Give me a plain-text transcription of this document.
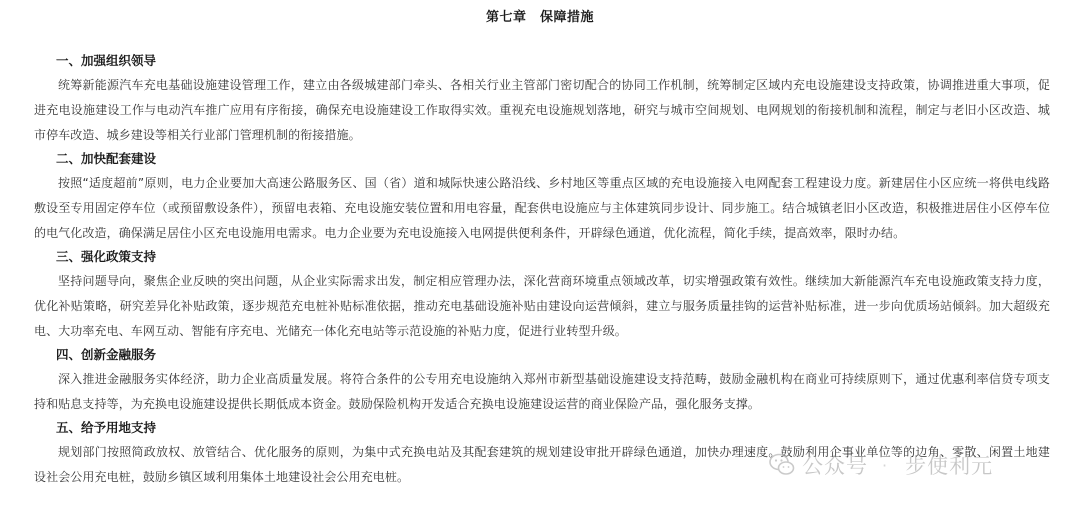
第七章　保障措施

一、加强组织领导

统筹新能源汽车充电基础设施建设管理工作，建立由各级城建部门牵头、各相关行业主管部门密切配合的协同工作机制，统筹制定区域内充电设施建设支持政策，协调推进重大事项，促进充电设施建设工作与电动汽车推广应用有序衔接，确保充电设施建设工作取得实效。重视充电设施规划落地，研究与城市空间规划、电网规划的衔接机制和流程，制定与老旧小区改造、城市停车改造、城乡建设等相关行业部门管理机制的衔接措施。

二、加快配套建设

按照“适度超前”原则，电力企业要加大高速公路服务区、国（省）道和城际快速公路沿线、乡村地区等重点区域的充电设施接入电网配套工程建设力度。新建居住小区应统一将供电线路敷设至专用固定停车位（或预留敷设条件），预留电表箱、充电设施安装位置和用电容量，配套供电设施应与主体建筑同步设计、同步施工。结合城镇老旧小区改造，积极推进居住小区停车位的电气化改造，确保满足居住小区充电设施用电需求。电力企业要为充电设施接入电网提供便利条件，开辟绿色通道，优化流程，简化手续，提高效率，限时办结。

三、强化政策支持

坚持问题导向，聚焦企业反映的突出问题，从企业实际需求出发，制定相应管理办法，深化营商环境重点领域改革，切实增强政策有效性。继续加大新能源汽车充电设施政策支持力度，优化补贴策略，研究差异化补贴政策，逐步规范充电桩补贴标准依据，推动充电基础设施补贴由建设向运营倾斜，建立与服务质量挂钩的运营补贴标准，进一步向优质场站倾斜。加大超级充电、大功率充电、车网互动、智能有序充电、光储充一体化充电站等示范设施的补贴力度，促进行业转型升级。

四、创新金融服务

深入推进金融服务实体经济，助力企业高质量发展。将符合条件的公专用充电设施纳入郑州市新型基础设施建设支持范畴，鼓励金融机构在商业可持续原则下，通过优惠利率信贷专项支持和贴息支持等，为充换电设施建设提供长期低成本资金。鼓励保险机构开发适合充换电设施建设运营的商业保险产品，强化服务支撑。

五、给予用地支持

规划部门按照简政放权、放管结合、优化服务的原则，为集中式充换电站及其配套建筑的规划建设审批开辟绿色通道，加快办理速度。鼓励利用企事业单位等的边角、零散、闲置土地建设社会公用充电桩，鼓励乡镇区域利用集体土地建设社会公用充电桩。	公众号 · 步使利元
